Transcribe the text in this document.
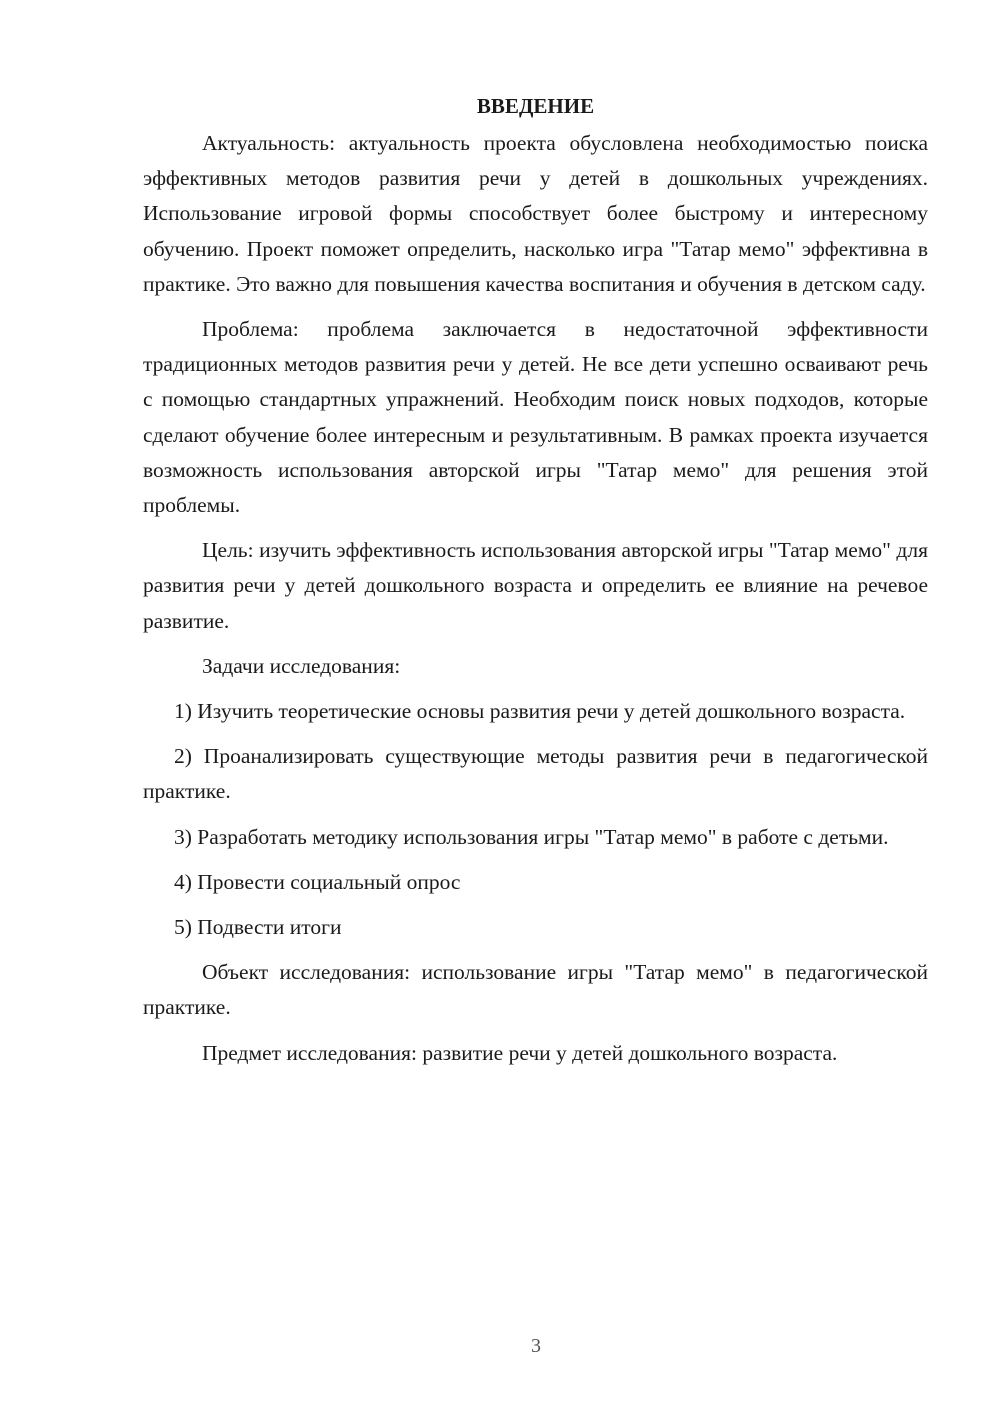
ВВЕДЕНИЕ

Актуальность: актуальность проекта обусловлена необходимостью поиска эффективных методов развития речи у детей в дошкольных учреждениях. Использование игровой формы способствует более быстрому и интересному обучению. Проект поможет определить, насколько игра "Татар мемо" эффективна в практике. Это важно для повышения качества воспитания и обучения в детском саду.

Проблема: проблема заключается в недостаточной эффективности традиционных методов развития речи у детей. Не все дети успешно осваивают речь с помощью стандартных упражнений. Необходим поиск новых подходов, которые сделают обучение более интересным и результативным. В рамках проекта изучается возможность использования авторской игры "Татар мемо" для решения этой проблемы.

Цель: изучить эффективность использования авторской игры "Татар мемо" для развития речи у детей дошкольного возраста и определить ее влияние на речевое развитие.

Задачи исследования:

1) Изучить теоретические основы развития речи у детей дошкольного возраста.

2) Проанализировать существующие методы развития речи в педагогической практике.

3) Разработать методику использования игры "Татар мемо" в работе с детьми.

4) Провести социальный опрос

5) Подвести итоги

Объект исследования: использование игры "Татар мемо" в педагогической практике.

Предмет исследования: развитие речи у детей дошкольного возраста.

3
